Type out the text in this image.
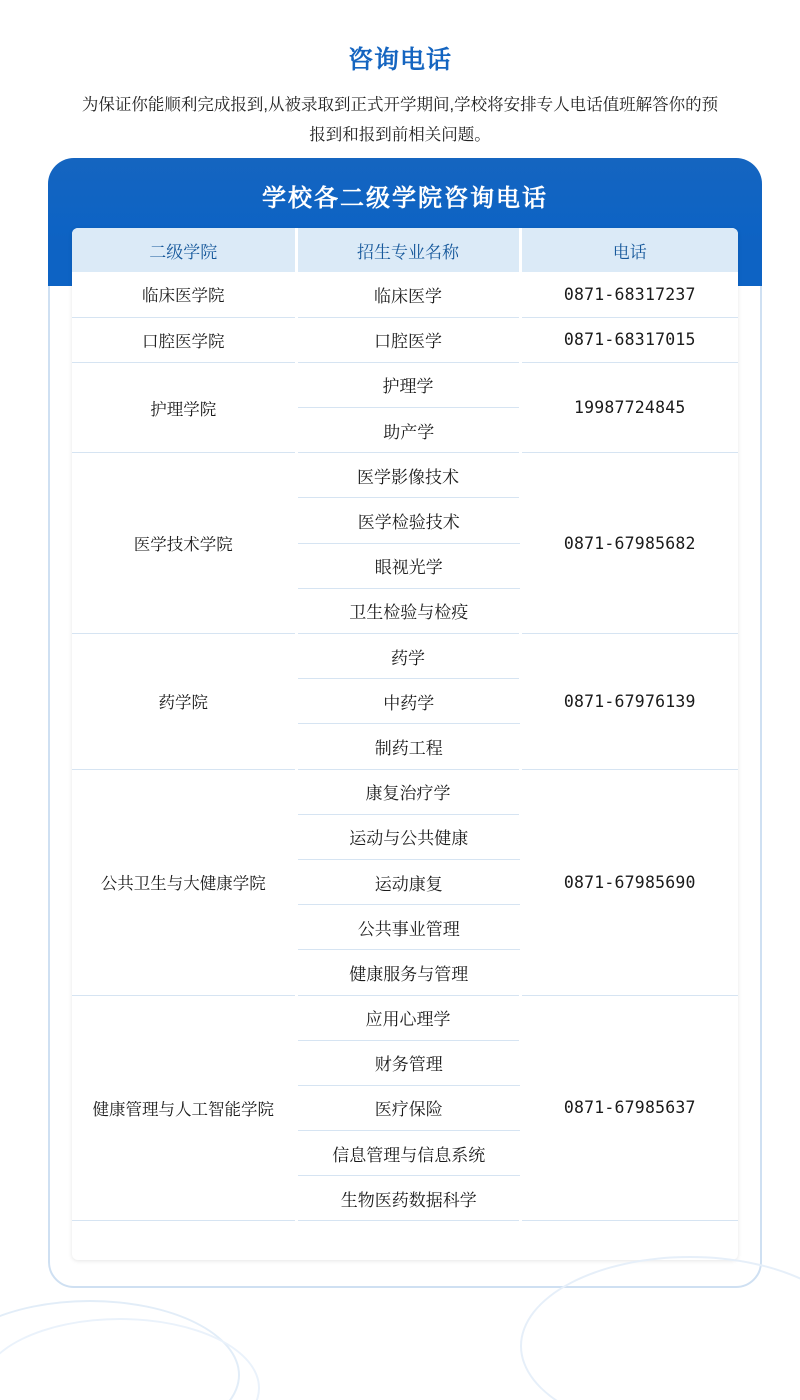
咨询电话
为保证你能顺利完成报到,从被录取到正式开学期间,学校将安排专人电话值班解答你的预报到和报到前相关问题。
学校各二级学院咨询电话
二级学院	招生专业名称	电话
临床医学院	临床医学	0871-68317237
口腔医学院	口腔医学	0871-68317015
护理学院	护理学	19987724845
	助产学	
医学技术学院	医学影像技术	0871-67985682
	医学检验技术	
	眼视光学	
	卫生检验与检疫	
药学院	药学	0871-67976139
	中药学	
	制药工程	
公共卫生与大健康学院	康复治疗学	0871-67985690
	运动与公共健康	
	运动康复	
	公共事业管理	
	健康服务与管理	
健康管理与人工智能学院	应用心理学	0871-67985637
	财务管理	
	医疗保险	
	信息管理与信息系统	
	生物医药数据科学	
